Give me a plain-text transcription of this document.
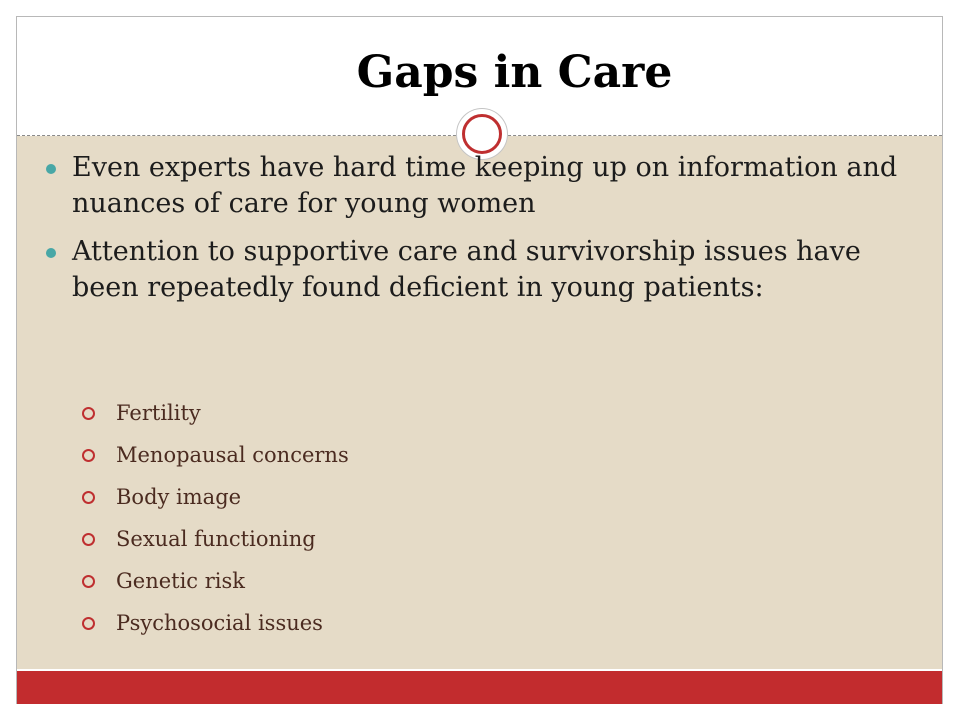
Gaps in Care
Even experts have hard time keeping up on information and nuances of care for young women
Attention to supportive care and survivorship issues have been repeatedly found deficient in young patients:
Fertility
Menopausal concerns
Body image
Sexual functioning
Genetic risk
Psychosocial issues
